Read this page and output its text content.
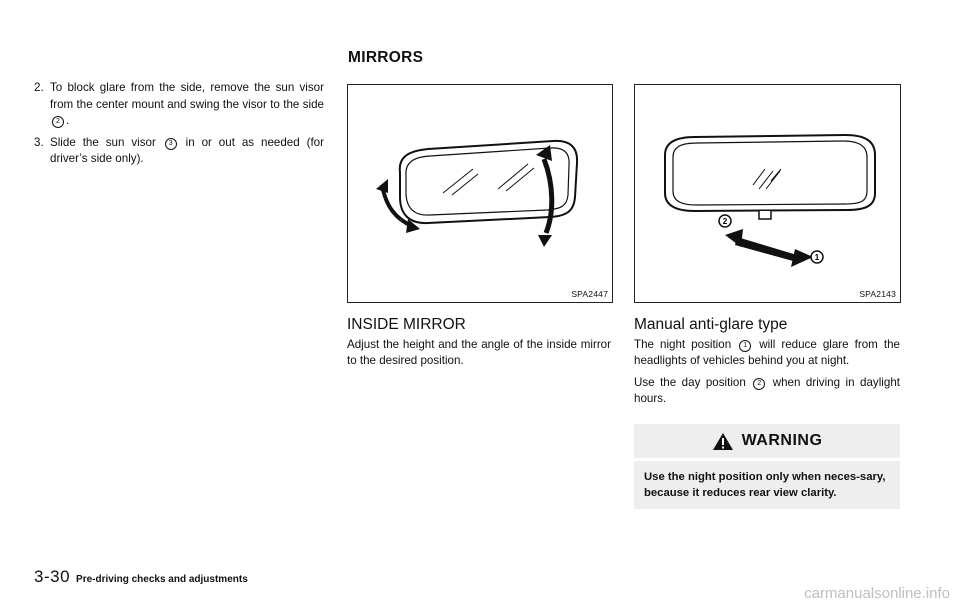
MIRRORS
2. To block glare from the side, remove the sun visor from the center mount and swing the visor to the side 2 .
3. Slide the sun visor 3 in or out as needed (for driver’s side only).
SPA2447
2
1
SPA2143
INSIDE MIRROR
Adjust the height and the angle of the inside mirror to the desired position.
Manual anti-glare type
The night position 1 will reduce glare from the headlights of vehicles behind you at night.
Use the day position 2 when driving in daylight hours.
WARNING
Use the night position only when neces-sary, because it reduces rear view clarity.
3-30 Pre-driving checks and adjustments
carmanualsonline.info
